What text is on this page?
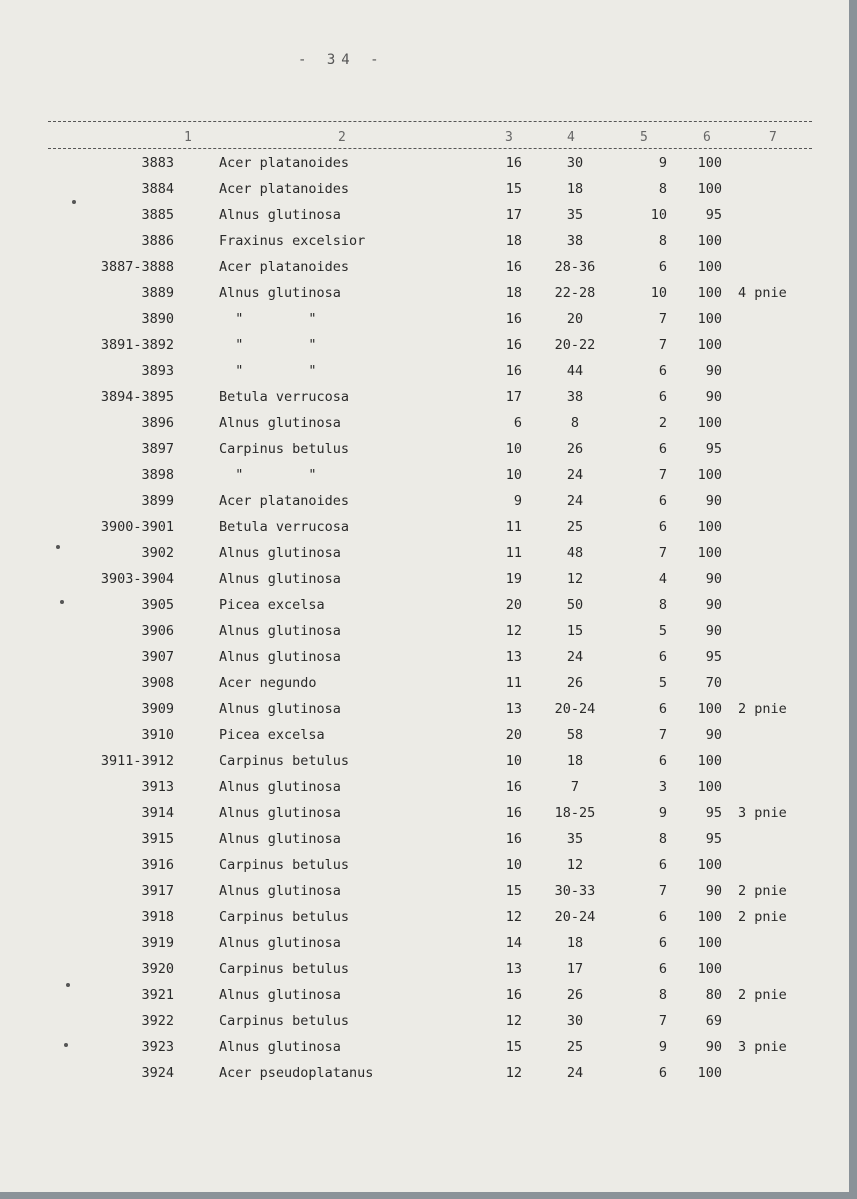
- 34 -
1	2	3	4	5	6	7
3883	Acer platanoides	16	30	9	100
3884	Acer platanoides	15	18	8	100
3885	Alnus glutinosa	17	35	10	95
3886	Fraxinus excelsior	18	38	8	100
3887-3888	Acer platanoides	16	28-36	6	100
3889	Alnus glutinosa	18	22-28	10	100 4 pnie
3890	"        "	16	20	7	100
3891-3892	"        "	16	20-22	7	100
3893	"        "	16	44	6	90
3894-3895	Betula verrucosa	17	38	6	90
3896	Alnus glutinosa	6	8	2	100
3897	Carpinus betulus	10	26	6	95
3898	"        "	10	24	7	100
3899	Acer platanoides	9	24	6	90
3900-3901	Betula verrucosa	11	25	6	100
3902	Alnus glutinosa	11	48	7	100
3903-3904	Alnus glutinosa	19	12	4	90
3905	Picea excelsa	20	50	8	90
3906	Alnus glutinosa	12	15	5	90
3907	Alnus glutinosa	13	24	6	95
3908	Acer negundo	11	26	5	70
3909	Alnus glutinosa	13	20-24	6	100 2 pnie
3910	Picea excelsa	20	58	7	90
3911-3912	Carpinus betulus	10	18	6	100
3913	Alnus glutinosa	16	7	3	100
3914	Alnus glutinosa	16	18-25	9	95 3 pnie
3915	Alnus glutinosa	16	35	8	95
3916	Carpinus betulus	10	12	6	100
3917	Alnus glutinosa	15	30-33	7	90 2 pnie
3918	Carpinus betulus	12	20-24	6	100 2 pnie
3919	Alnus glutinosa	14	18	6	100
3920	Carpinus betulus	13	17	6	100
3921	Alnus glutinosa	16	26	8	80 2 pnie
3922	Carpinus betulus	12	30	7	69
3923	Alnus glutinosa	15	25	9	90 3 pnie
3924	Acer pseudoplatanus	12	24	6	100
